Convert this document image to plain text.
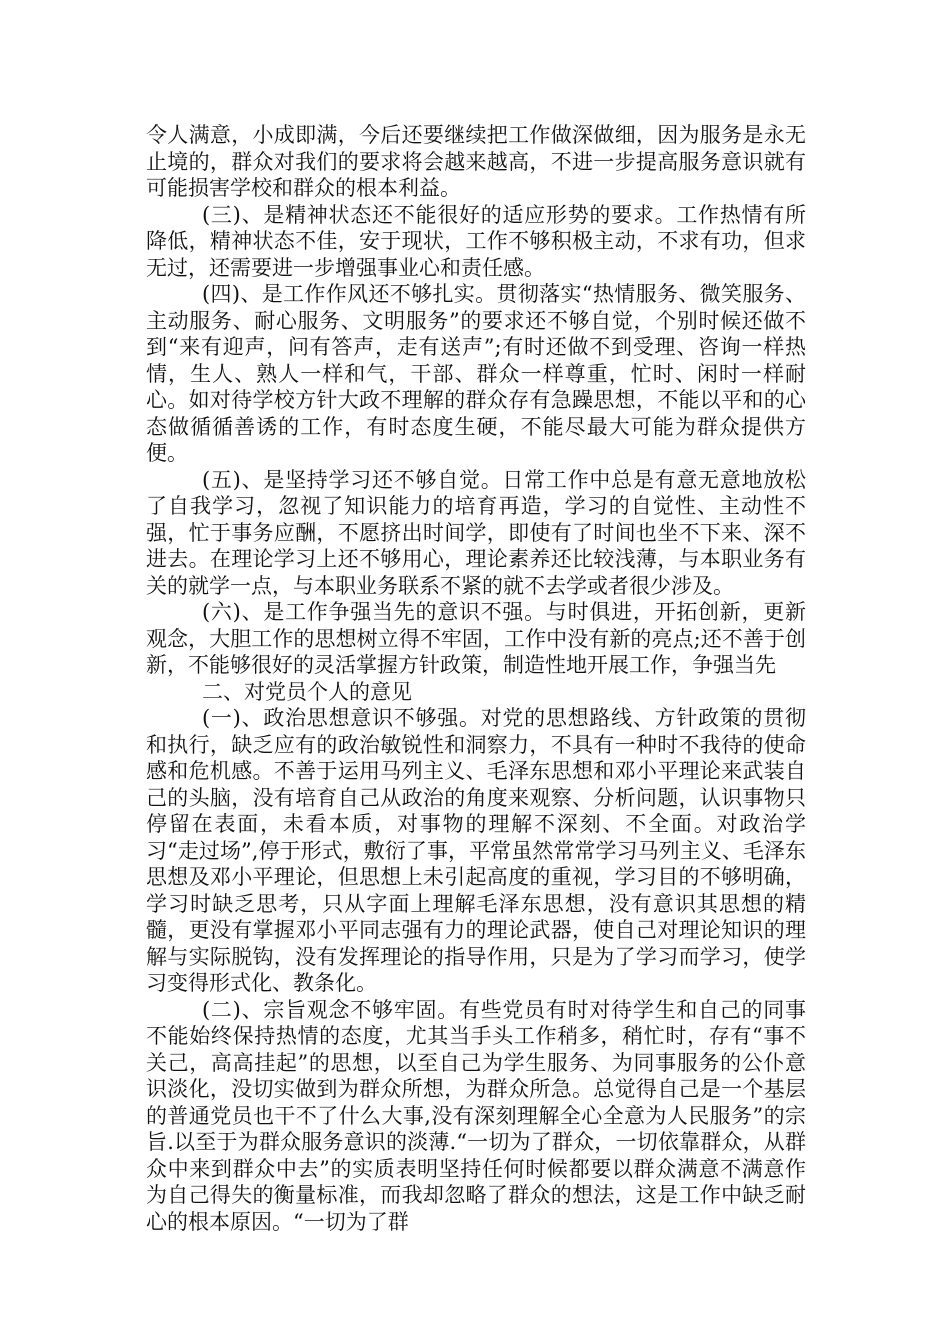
令人满意，小成即满，今后还要继续把工作做深做细，因为服务是永无止境的，群众对我们的要求将会越来越高，不进一步提高服务意识就有可能损害学校和群众的根本利益。

(三)、是精神状态还不能很好的适应形势的要求。工作热情有所降低，精神状态不佳，安于现状，工作不够积极主动，不求有功，但求无过，还需要进一步增强事业心和责任感。

(四)、是工作作风还不够扎实。贯彻落实“热情服务、微笑服务、主动服务、耐心服务、文明服务”的要求还不够自觉，个别时候还做不到“来有迎声，问有答声，走有送声”;有时还做不到受理、咨询一样热情，生人、熟人一样和气，干部、群众一样尊重，忙时、闲时一样耐心。如对待学校方针大政不理解的群众存有急躁思想，不能以平和的心态做循循善诱的工作，有时态度生硬，不能尽最大可能为群众提供方便。

(五)、是坚持学习还不够自觉。日常工作中总是有意无意地放松了自我学习，忽视了知识能力的培育再造，学习的自觉性、主动性不强，忙于事务应酬，不愿挤出时间学，即使有了时间也坐不下来、深不进去。在理论学习上还不够用心，理论素养还比较浅薄，与本职业务有关的就学一点，与本职业务联系不紧的就不去学或者很少涉及。

(六)、是工作争强当先的意识不强。与时俱进，开拓创新，更新观念，大胆工作的思想树立得不牢固，工作中没有新的亮点;还不善于创新，不能够很好的灵活掌握方针政策，制造性地开展工作，争强当先

二、对党员个人的意见

(一)、政治思想意识不够强。对党的思想路线、方针政策的贯彻和执行，缺乏应有的政治敏锐性和洞察力，不具有一种时不我待的使命感和危机感。不善于运用马列主义、毛泽东思想和邓小平理论来武装自己的头脑，没有培育自己从政治的角度来观察、分析问题，认识事物只停留在表面，未看本质，对事物的理解不深刻、不全面。对政治学习“走过场”,停于形式，敷衍了事，平常虽然常常学习马列主义、毛泽东思想及邓小平理论，但思想上未引起高度的重视，学习目的不够明确，学习时缺乏思考，只从字面上理解毛泽东思想，没有意识其思想的精髓，更没有掌握邓小平同志强有力的理论武器，使自己对理论知识的理解与实际脱钩，没有发挥理论的指导作用，只是为了学习而学习，使学习变得形式化、教条化。

(二)、宗旨观念不够牢固。有些党员有时对待学生和自己的同事不能始终保持热情的态度，尤其当手头工作稍多，稍忙时，存有“事不关己，高高挂起”的思想，以至自己为学生服务、为同事服务的公仆意识淡化，没切实做到为群众所想，为群众所急。总觉得自己是一个基层的普通党员也干不了什么大事,没有深刻理解全心全意为人民服务”的宗旨.以至于为群众服务意识的淡薄.“一切为了群众，一切依靠群众，从群众中来到群众中去”的实质表明坚持任何时候都要以群众满意不满意作为自己得失的衡量标准，而我却忽略了群众的想法，这是工作中缺乏耐心的根本原因。“一切为了群
